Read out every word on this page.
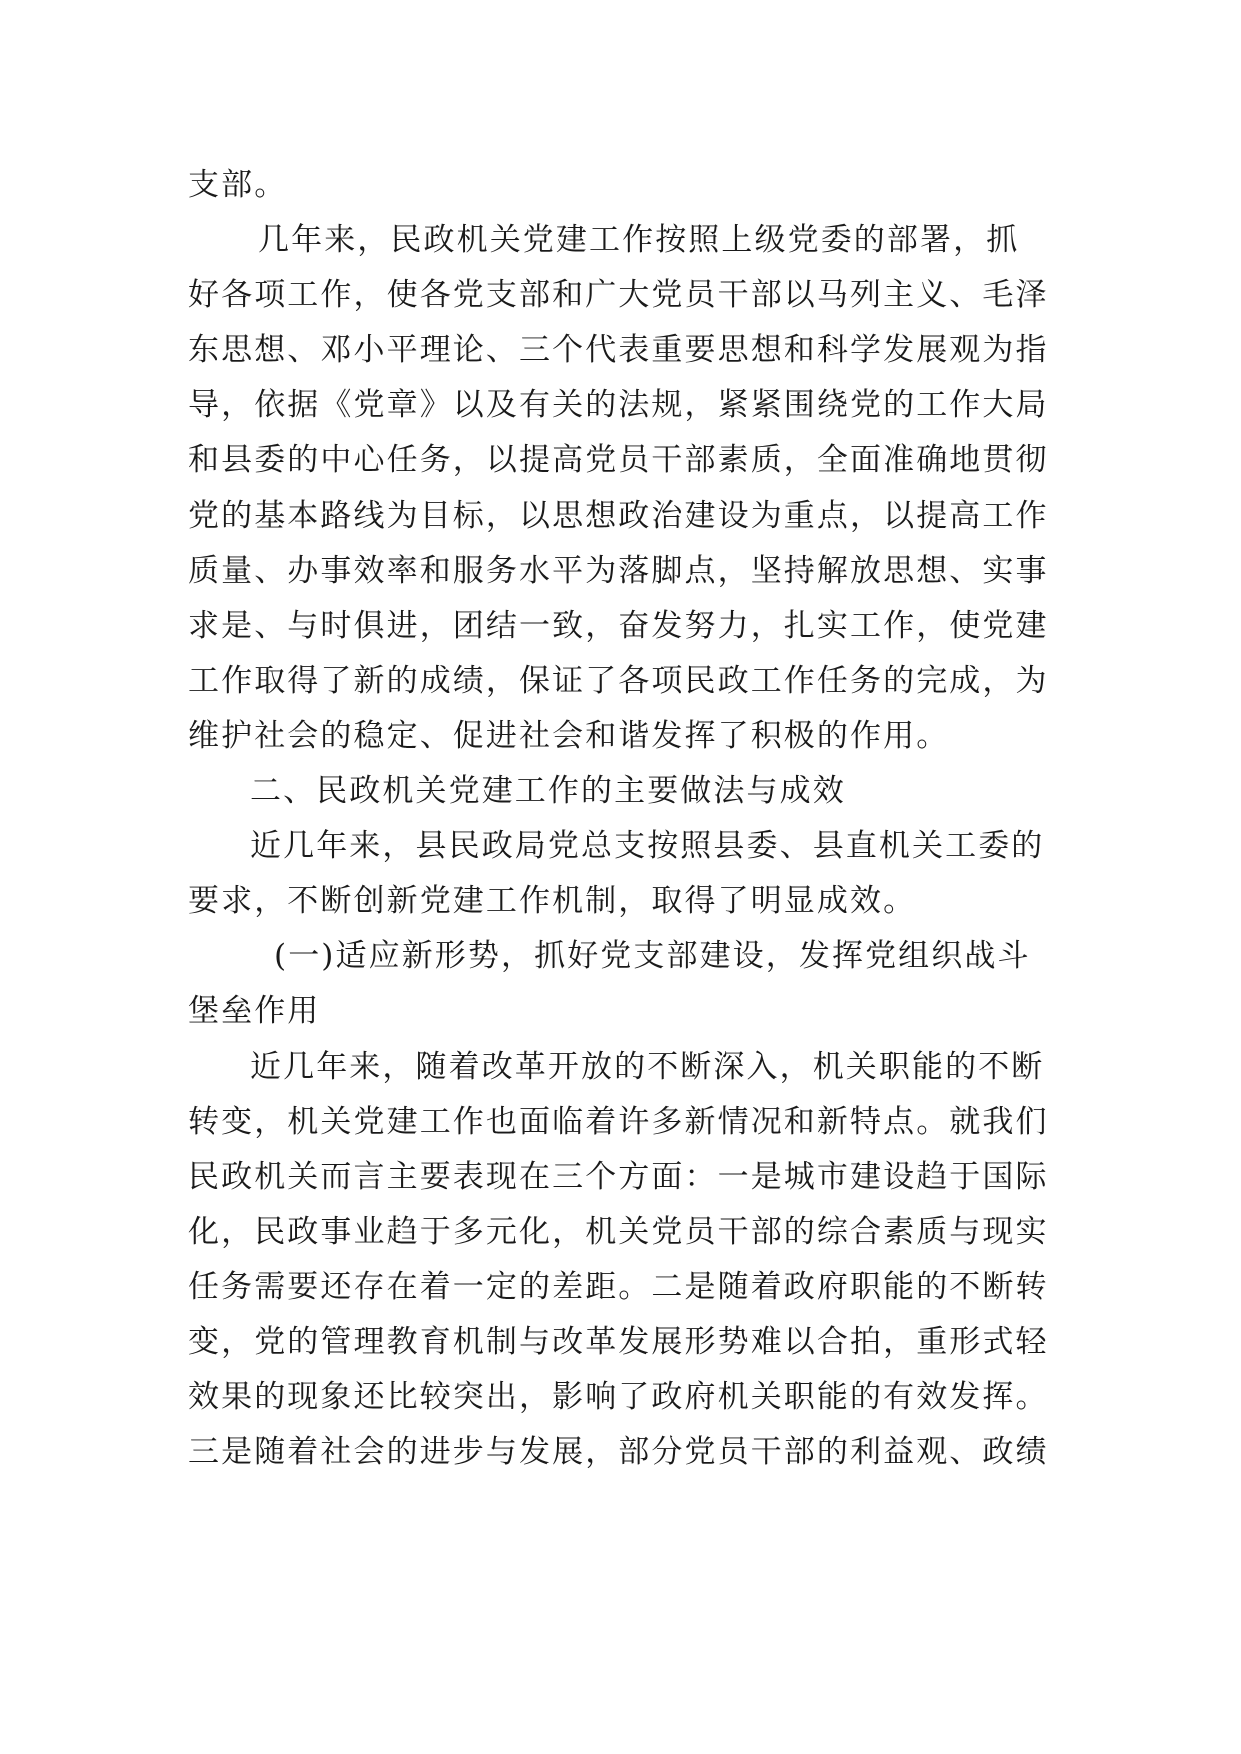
支部。
几年来，民政机关党建工作按照上级党委的部署，抓
好各项工作，使各党支部和广大党员干部以马列主义、毛泽
东思想、邓小平理论、三个代表重要思想和科学发展观为指
导，依据《党章》以及有关的法规，紧紧围绕党的工作大局
和县委的中心任务，以提高党员干部素质，全面准确地贯彻
党的基本路线为目标，以思想政治建设为重点，以提高工作
质量、办事效率和服务水平为落脚点，坚持解放思想、实事
求是、与时俱进，团结一致，奋发努力，扎实工作，使党建
工作取得了新的成绩，保证了各项民政工作任务的完成，为
维护社会的稳定、促进社会和谐发挥了积极的作用。
二、民政机关党建工作的主要做法与成效
近几年来，县民政局党总支按照县委、县直机关工委的
要求，不断创新党建工作机制，取得了明显成效。
(一)适应新形势，抓好党支部建设，发挥党组织战斗
堡垒作用
近几年来，随着改革开放的不断深入，机关职能的不断
转变，机关党建工作也面临着许多新情况和新特点。就我们
民政机关而言主要表现在三个方面：一是城市建设趋于国际
化，民政事业趋于多元化，机关党员干部的综合素质与现实
任务需要还存在着一定的差距。二是随着政府职能的不断转
变，党的管理教育机制与改革发展形势难以合拍，重形式轻
效果的现象还比较突出，影响了政府机关职能的有效发挥。
三是随着社会的进步与发展，部分党员干部的利益观、政绩
